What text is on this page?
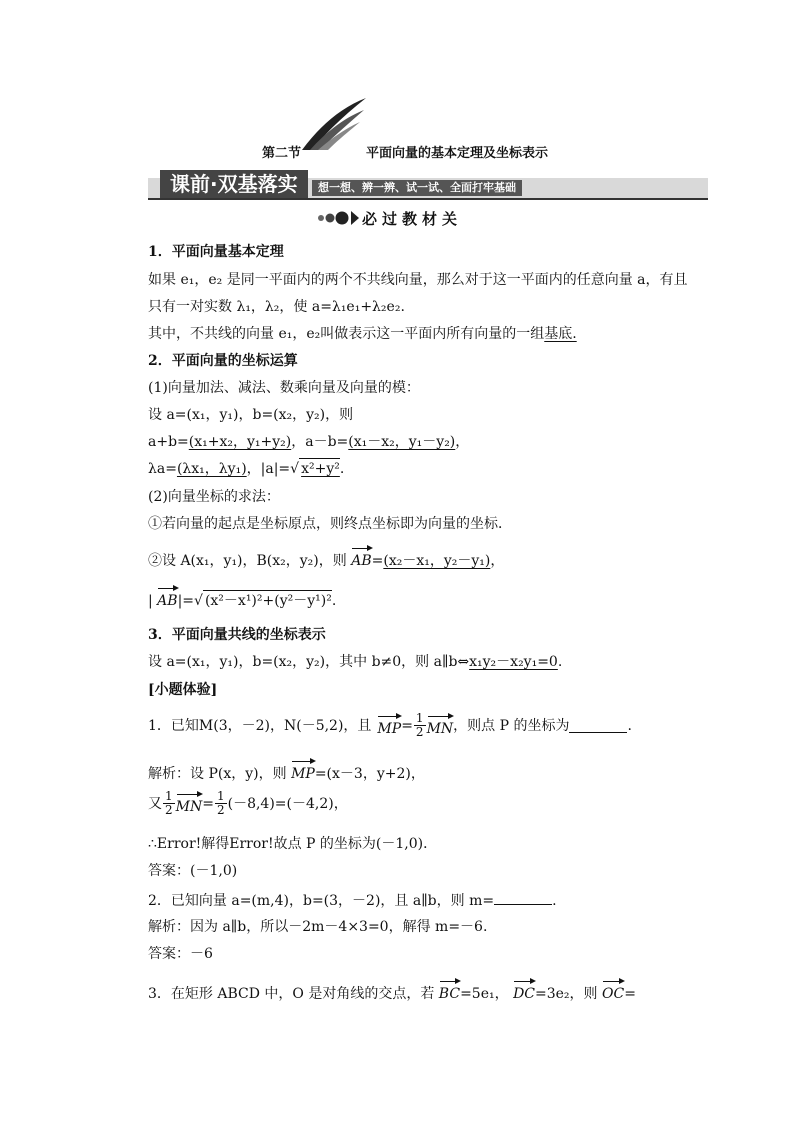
第二节	平面向量的基本定理及坐标表示
课前·双基落实	想一想、辨一辨、试一试、全面打牢基础
必过教材关
1．平面向量基本定理
如果 e₁，e₂ 是同一平面内的两个不共线向量，那么对于这一平面内的任意向量 a，有且
只有一对实数 λ₁，λ₂，使 a=λ₁e₁+λ₂e₂.
其中，不共线的向量 e₁，e₂叫做表示这一平面内所有向量的一组基底.
2．平面向量的坐标运算
(1)向量加法、减法、数乘向量及向量的模：
设 a=(x₁，y₁)，b=(x₂，y₂)，则
a+b=(x₁+x₂，y₁+y₂)，a－b=(x₁－x₂，y₁－y₂)，
λa=(λx₁，λy₁)，|a|=√ x²+y².
(2)向量坐标的求法：
①若向量的起点是坐标原点，则终点坐标即为向量的坐标．
②设 A(x₁，y₁)，B(x₂，y₂)，则 AB=(x₂－x₁，y₂－y₁)，
| AB|=√ (x²－x¹)²+(y²－y¹)².
3．平面向量共线的坐标表示
设 a=(x₁，y₁)，b=(x₂，y₂)，其中 b≠0，则 a∥b⇔x₁y₂－x₂y₁=0.
[小题体验]
1．已知M(3，－2)，N(－5,2)，且 MP = $\frac{1}{2}$ MN ，则点 P 的坐标为	.
解析：设 P(x，y)，则 MP=(x－3，y+2)，
又 $\frac{1}{2}$ MN = $\frac{1}{2} (-8,4)=(-4,2)$，
∴Error!解得Error!故点 P 的坐标为(－1,0)．
答案：(－1,0)
2．已知向量 a=(m,4)，b=(3，－2)，且 a∥b，则 m=	.
解析：因为 a∥b，所以－2m－4×3=0，解得 m=－6.
答案：－6
3．在矩形 ABCD 中，O 是对角线的交点，若 BC=5e₁， DC=3e₂，则 OC=
